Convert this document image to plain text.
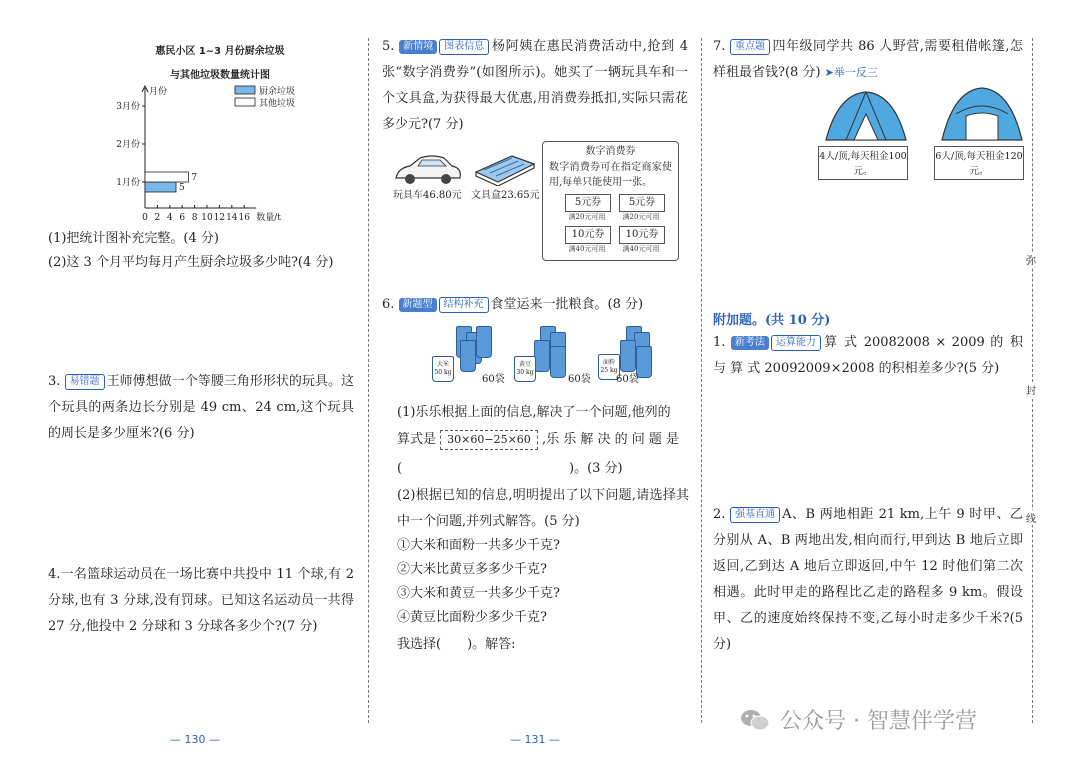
惠民小区 1~3 月份厨余垃圾
与其他垃圾数量统计图
月份
0 2 4 6 8 10 12 14 16 数量/t
1月份	5
7
2月份
3月份
厨余垃圾
其他垃圾
(1)把统计图补充完整。(4 分)
(2)这 3 个月平均每月产生厨余垃圾多少吨?(4 分)
3. 易错题 王师傅想做一个等腰三角形形状的玩具。这个玩具的两条边长分别是 49 cm、24 cm,这个玩具的周长是多少厘米?(6 分)
4.一名篮球运动员在一场比赛中共投中 11 个球,有 2 分球,也有 3 分球,没有罚球。已知这名运动员一共得 27 分,他投中 2 分球和 3 分球各多少个?(7 分)
— 130 —
5. 新情境 图表信息 杨阿姨在惠民消费活动中,抢到 4 张“数字消费券”(如图所示)。她买了一辆玩具车和一个文具盒,为获得最大优惠,用消费券抵扣,实际只需花多少元?(7 分)
玩具车46.80元 文具盒23.65元
数字消费券
数字消费券可在指定商家使用,每单只能使用一张。
5元券
满20元可用
5元券
满20元可用
10元券
满40元可用
10元券
满40元可用
6. 新题型 结构补充 食堂运来一批粮食。(8 分)
大米
50 kg
60袋
黄豆
30 kg
60袋
面粉
25 kg
60袋
(1)乐乐根据上面的信息,解决了一个问题,他列的
算式是 30×60−25×60 ,乐 乐 解 决 的 问 题 是
(	)。(3 分)
(2)根据已知的信息,明明提出了以下问题,请选择其中一个问题,并列式解答。(5 分)
①大米和面粉一共多少千克?
②大米比黄豆多多少千克?
③大米和黄豆一共多少千克?
④黄豆比面粉少多少千克?
我选择(　　)。解答:
— 131 —
7. 重点题 四年级同学共 86 人野营,需要租借帐篷,怎样租最省钱?(8 分) ➤举一反三
4人/顶,每天租金100元。
6人/顶,每天租金120元。
附加题。(共 10 分)
1. 新考法 运算能力 算 式 20082008 × 2009 的 积 与 算 式 20092009×2008 的积相差多少?(5 分)
2. 强基直通 A、B 两地相距 21 km,上午 9 时甲、乙分别从 A、B 两地出发,相向而行,甲到达 B 地后立即返回,乙到达 A 地后立即返回,中午 12 时他们第二次相遇。此时甲走的路程比乙走的路程多 9 km。假设甲、乙的速度始终保持不变,乙每小时走多少千米?(5 分)
弥
封
线
公众号 · 智慧伴学营
